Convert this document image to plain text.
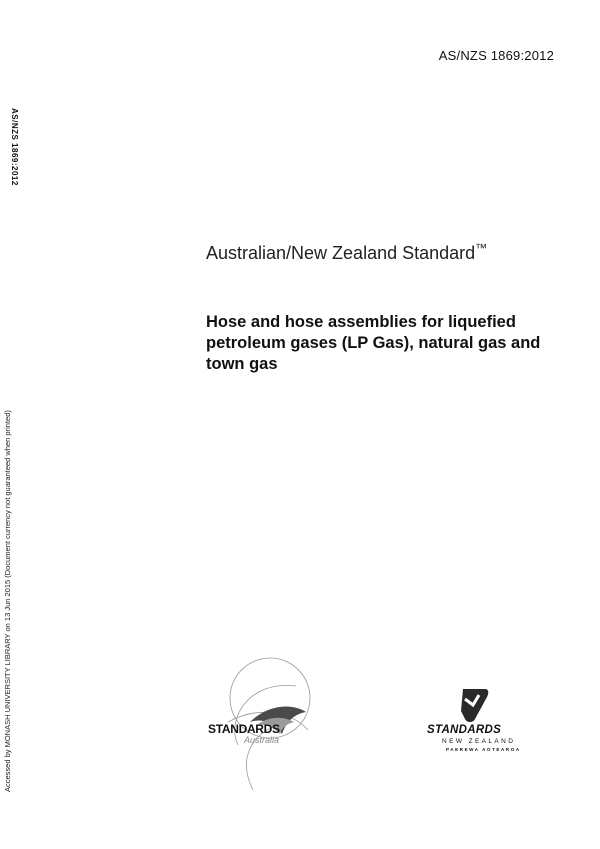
AS/NZS 1869:2012
AS/NZS 1869:2012
Accessed by MONASH UNIVERSITY LIBRARY on 13 Jun 2015 (Document currency not guaranteed when printed)
Australian/New Zealand Standard™
Hose and hose assemblies for liquefied petroleum gases (LP Gas), natural gas and town gas
STANDARDS
Australia
STANDARDS
NEW ZEALAND
PAEREWA AOTEAROA
